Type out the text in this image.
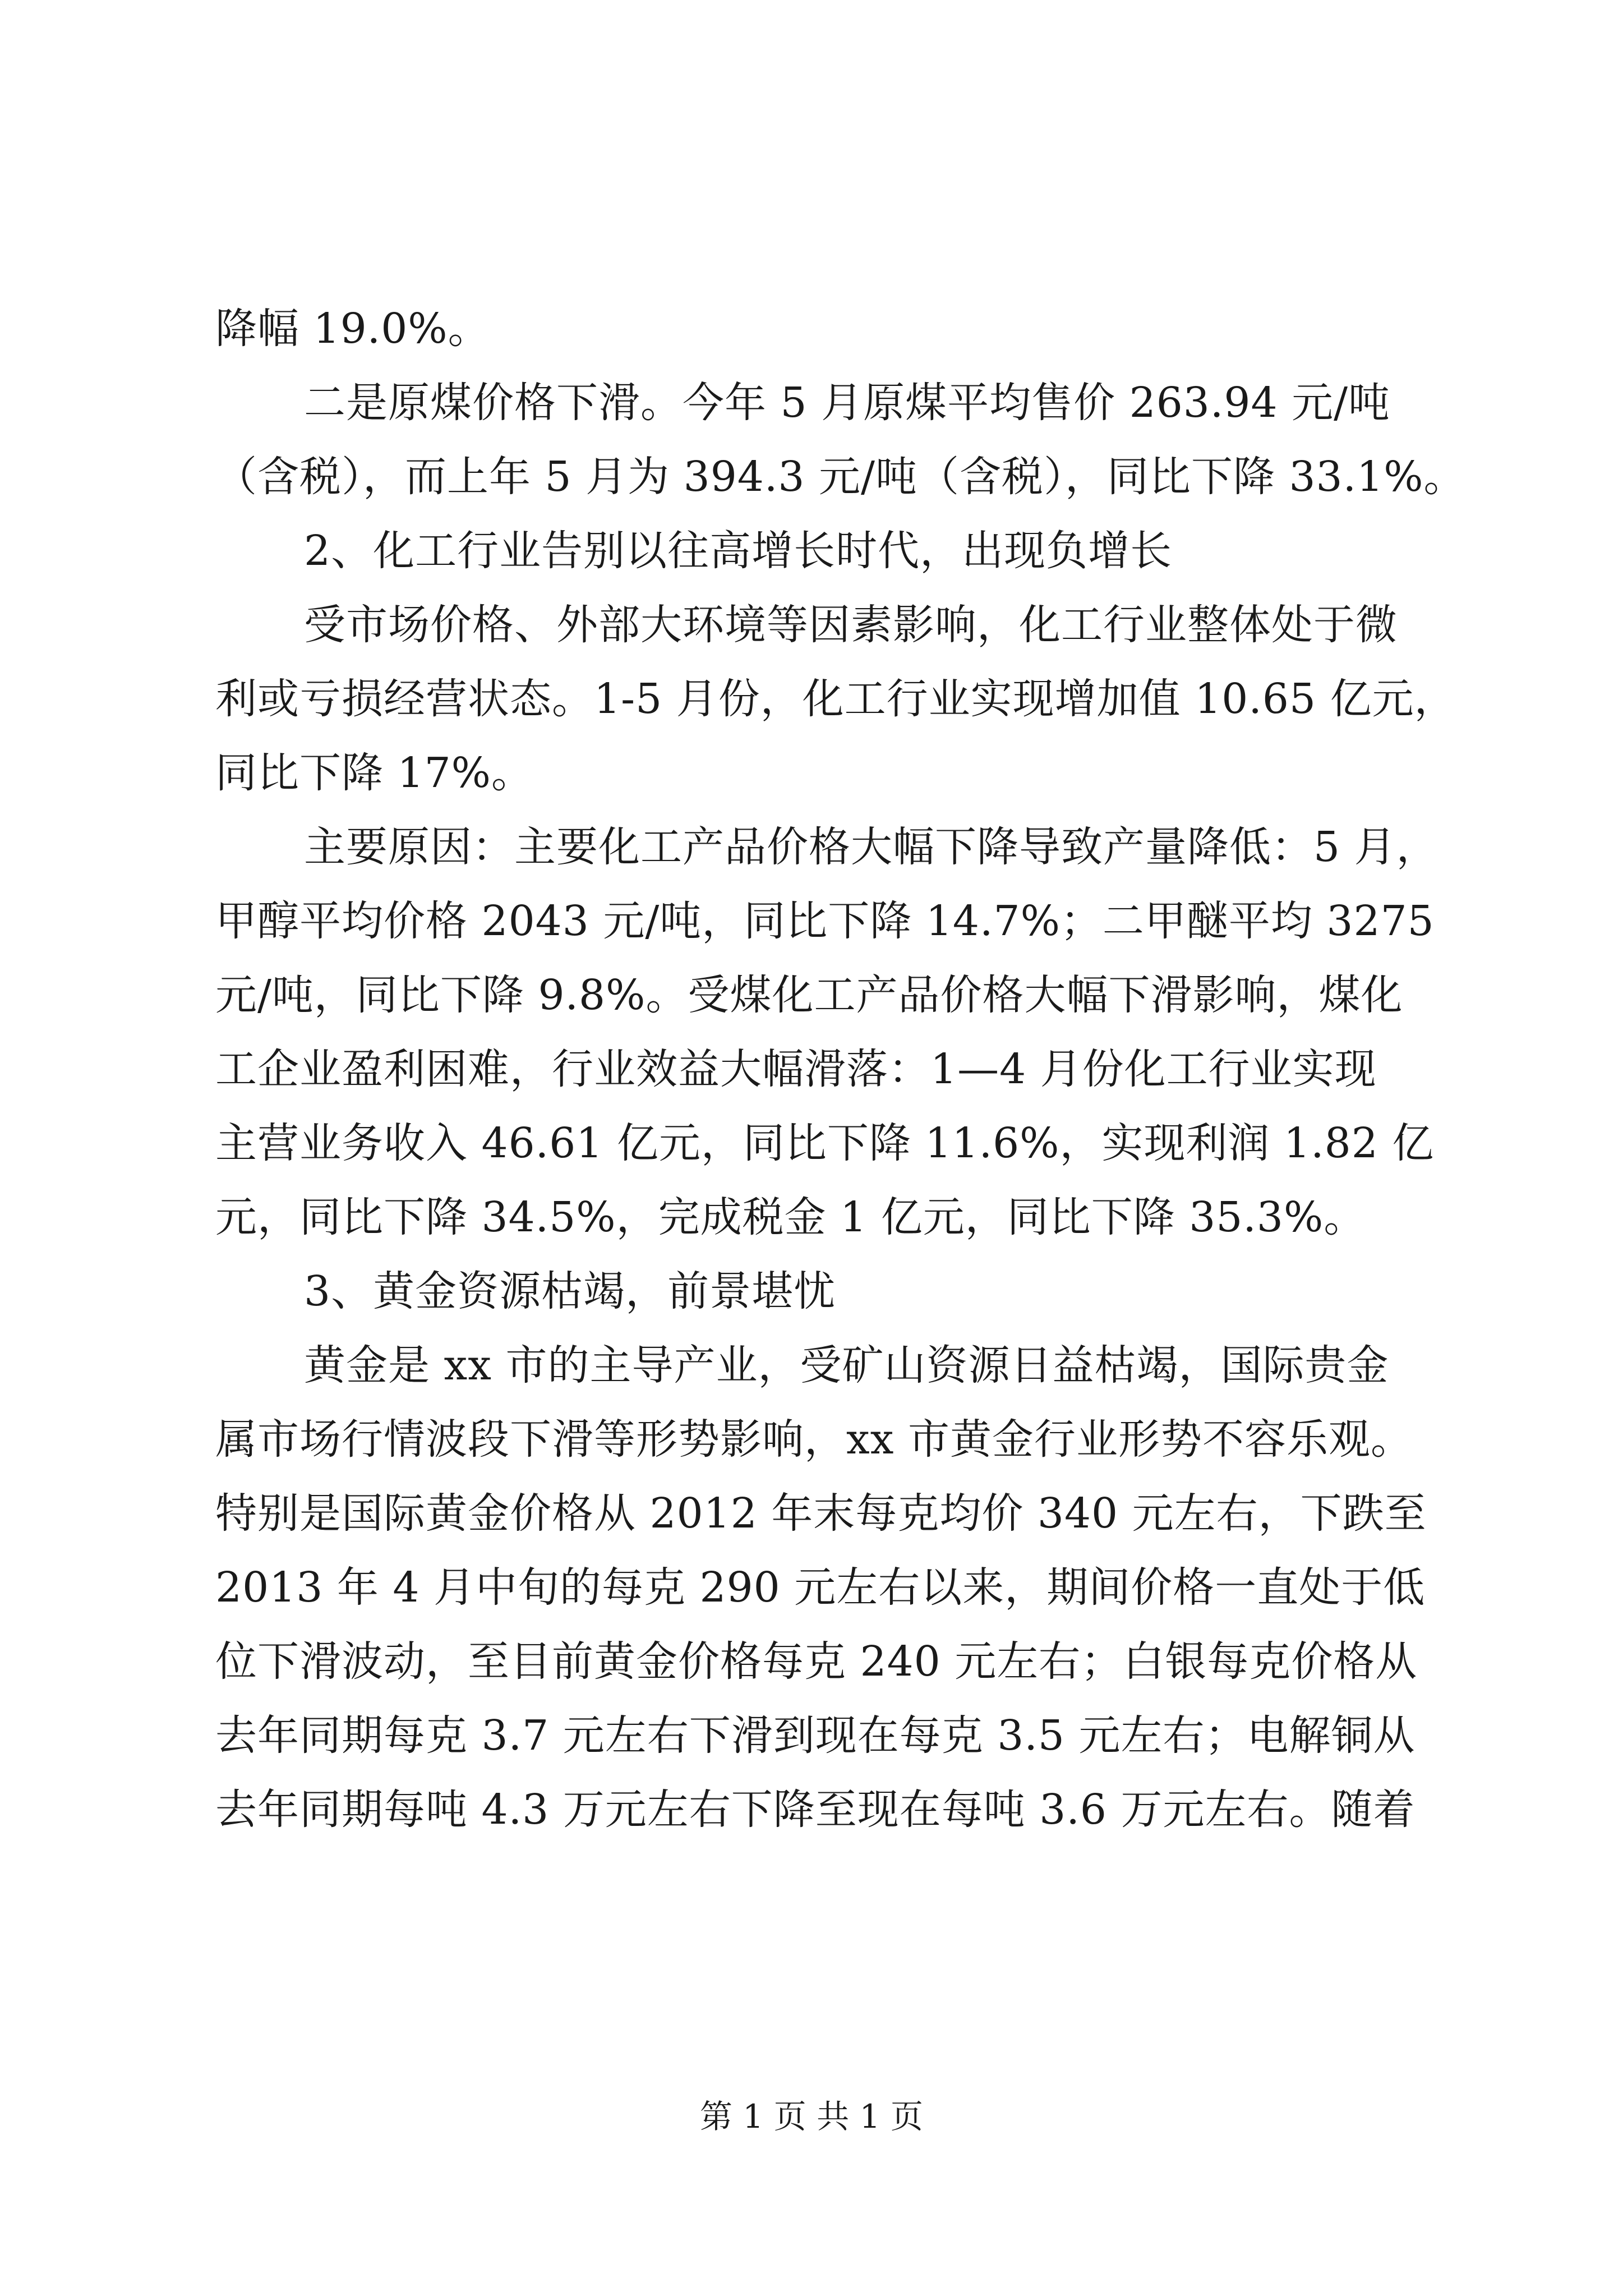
降幅 19.0%。
二是原煤价格下滑。今年 5 月原煤平均售价 263.94 元/吨
（含税），而上年 5 月为 394.3 元/吨（含税），同比下降 33.1%。
2、化工行业告别以往高增长时代，出现负增长
受市场价格、外部大环境等因素影响，化工行业整体处于微
利或亏损经营状态。1-5 月份，化工行业实现增加值 10.65 亿元，
同比下降 17%。
主要原因：主要化工产品价格大幅下降导致产量降低：5 月，
甲醇平均价格 2043 元/吨，同比下降 14.7%；二甲醚平均 3275
元/吨，同比下降 9.8%。受煤化工产品价格大幅下滑影响，煤化
工企业盈利困难，行业效益大幅滑落：1—4 月份化工行业实现
主营业务收入 46.61 亿元，同比下降 11.6%，实现利润 1.82 亿
元，同比下降 34.5%，完成税金 1 亿元，同比下降 35.3%。
3、黄金资源枯竭，前景堪忧
黄金是 xx 市的主导产业，受矿山资源日益枯竭，国际贵金
属市场行情波段下滑等形势影响，xx 市黄金行业形势不容乐观。
特别是国际黄金价格从 2012 年末每克均价 340 元左右，下跌至
2013 年 4 月中旬的每克 290 元左右以来，期间价格一直处于低
位下滑波动，至目前黄金价格每克 240 元左右；白银每克价格从
去年同期每克 3.7 元左右下滑到现在每克 3.5 元左右；电解铜从
去年同期每吨 4.3 万元左右下降至现在每吨 3.6 万元左右。随着
第 1 页 共 1 页
